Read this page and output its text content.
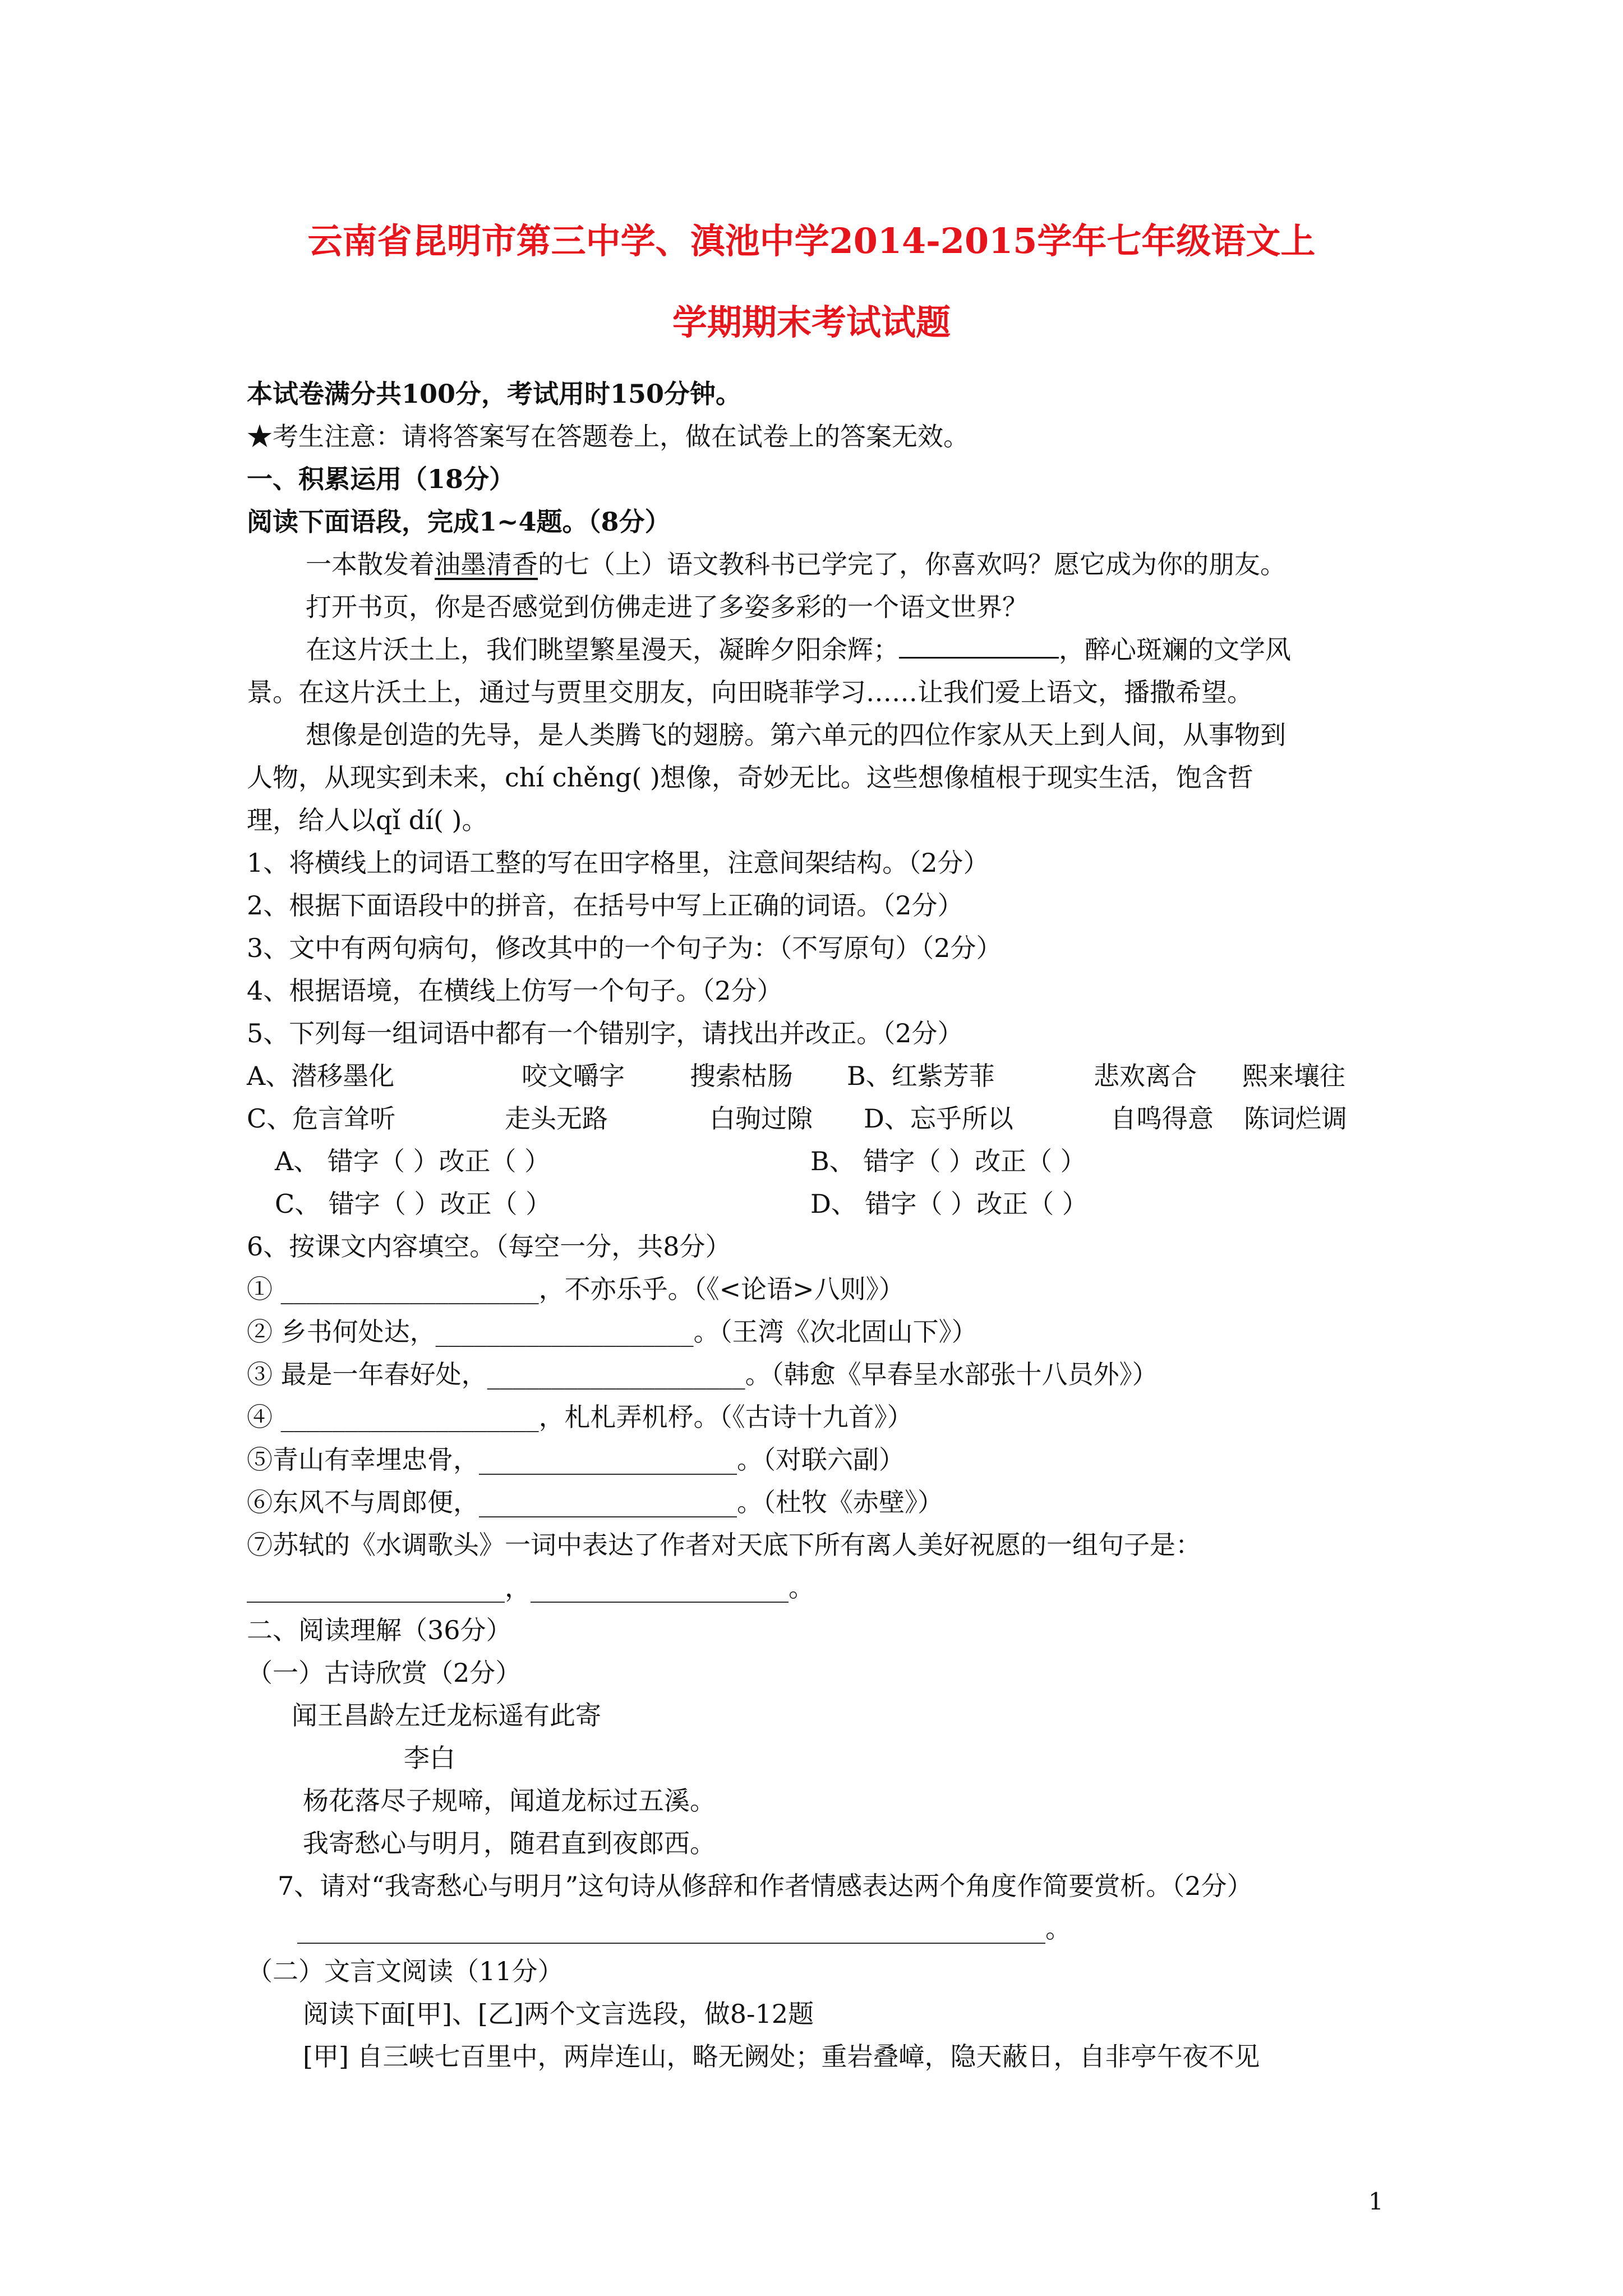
云南省昆明市第三中学、滇池中学2014-2015学年七年级语文上
学期期末考试试题
本试卷满分共100分，考试用时150分钟。
★考生注意：请将答案写在答题卷上，做在试卷上的答案无效。
一、积累运用（18分）
阅读下面语段，完成1~4题。（8分）
一本散发着油墨清香的七（上）语文教科书已学完了，你喜欢吗？愿它成为你的朋友。
打开书页，你是否感觉到仿佛走进了多姿多彩的一个语文世界？
在这片沃土上，我们眺望繁星漫天，凝眸夕阳余辉；	，醉心斑斓的文学风
景。在这片沃土上，通过与贾里交朋友，向田晓菲学习……让我们爱上语文，播撒希望。
想像是创造的先导，是人类腾飞的翅膀。第六单元的四位作家从天上到人间，从事物到
人物，从现实到未来，chí chěng( )想像，奇妙无比。这些想像植根于现实生活，饱含哲
理，给人以qǐ dí( )。
1、将横线上的词语工整的写在田字格里，注意间架结构。（2分）
2、根据下面语段中的拼音，在括号中写上正确的词语。（2分）
3、文中有两句病句，修改其中的一个句子为：（不写原句）（2分）
4、根据语境，在横线上仿写一个句子。（2分）
5、下列每一组词语中都有一个错别字，请找出并改正。（2分）
A、潜移墨化	咬文嚼字	搜索枯肠 B、红紫芳菲	悲欢离合 熙来壤往
C、危言耸听	走头无路	白驹过隙 D、忘乎所以	自鸣得意 陈词烂调
A、 错字（ ）改正（ ）	B、 错字（ ）改正（ ）
C、 错字（ ）改正（ ）	D、 错字（ ）改正（ ）
6、按课文内容填空。（每空一分，共8分）
① ____________________，不亦乐乎。（《<论语>八则》）
② 乡书何处达，____________________。（王湾《次北固山下》）
③ 最是一年春好处，____________________。（韩愈《早春呈水部张十八员外》）
④ ____________________，札札弄机杼。（《古诗十九首》）
⑤青山有幸埋忠骨，____________________。（对联六副）
⑥东风不与周郎便，____________________。（杜牧《赤壁》）
⑦苏轼的《水调歌头》一词中表达了作者对天底下所有离人美好祝愿的一组句子是：
____________________，____________________。
二、阅读理解（36分）
（一）古诗欣赏（2分）
闻王昌龄左迁龙标遥有此寄
李白
杨花落尽子规啼，闻道龙标过五溪。
我寄愁心与明月，随君直到夜郎西。
7、请对“我寄愁心与明月”这句诗从修辞和作者情感表达两个角度作简要赏析。（2分）
__________________________________________________________。
（二）文言文阅读（11分）
阅读下面[甲]、[乙]两个文言选段，做8-12题
[甲] 自三峡七百里中，两岸连山，略无阙处；重岩叠嶂，隐天蔽日，自非亭午夜不见
1
